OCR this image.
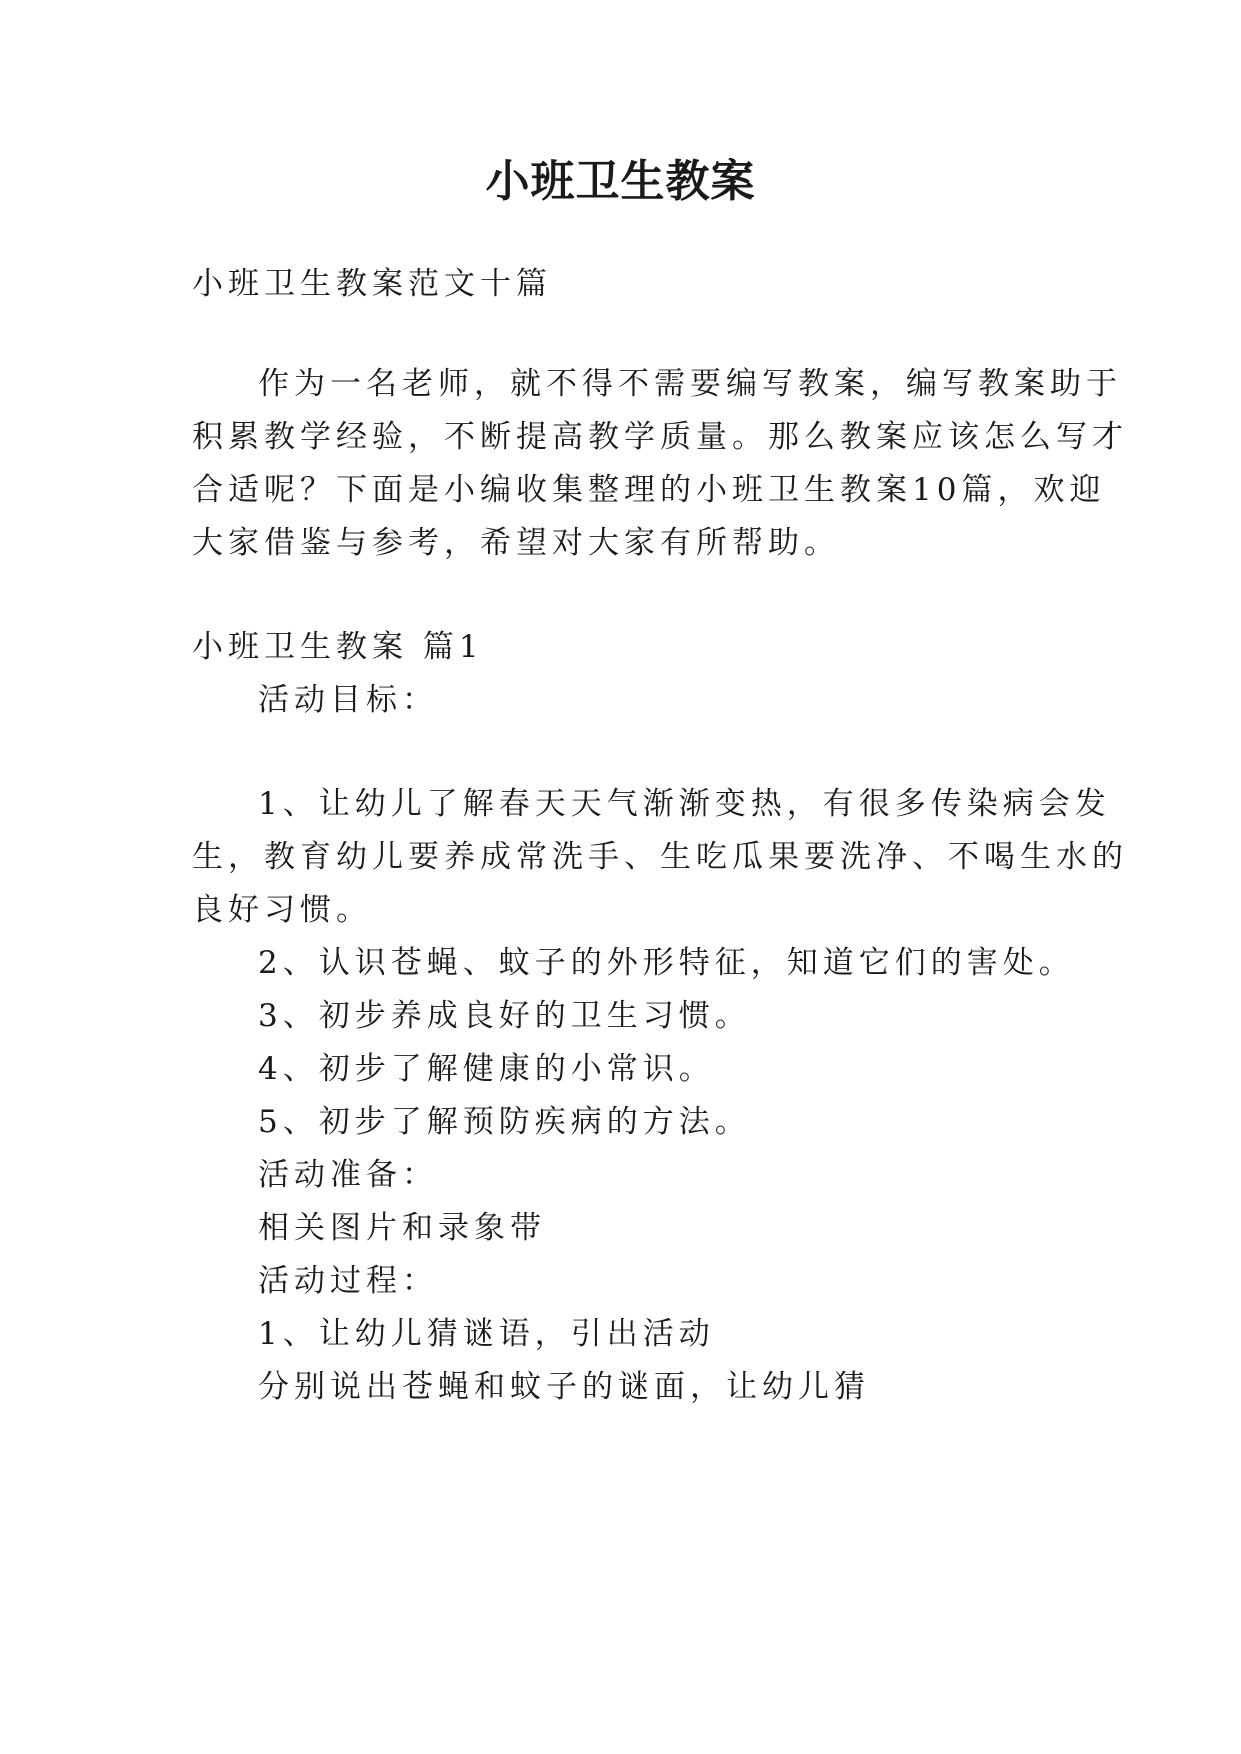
小班卫生教案
小班卫生教案范文十篇
作为一名老师，就不得不需要编写教案，编写教案助于
积累教学经验，不断提高教学质量。那么教案应该怎么写才
合适呢？下面是小编收集整理的小班卫生教案10篇，欢迎
大家借鉴与参考，希望对大家有所帮助。
小班卫生教案 篇1
活动目标：
1、让幼儿了解春天天气渐渐变热，有很多传染病会发
生，教育幼儿要养成常洗手、生吃瓜果要洗净、不喝生水的
良好习惯。
2、认识苍蝇、蚊子的外形特征，知道它们的害处。
3、初步养成良好的卫生习惯。
4、初步了解健康的小常识。
5、初步了解预防疾病的方法。
活动准备：
相关图片和录象带
活动过程：
1、让幼儿猜谜语，引出活动
分别说出苍蝇和蚊子的谜面，让幼儿猜
